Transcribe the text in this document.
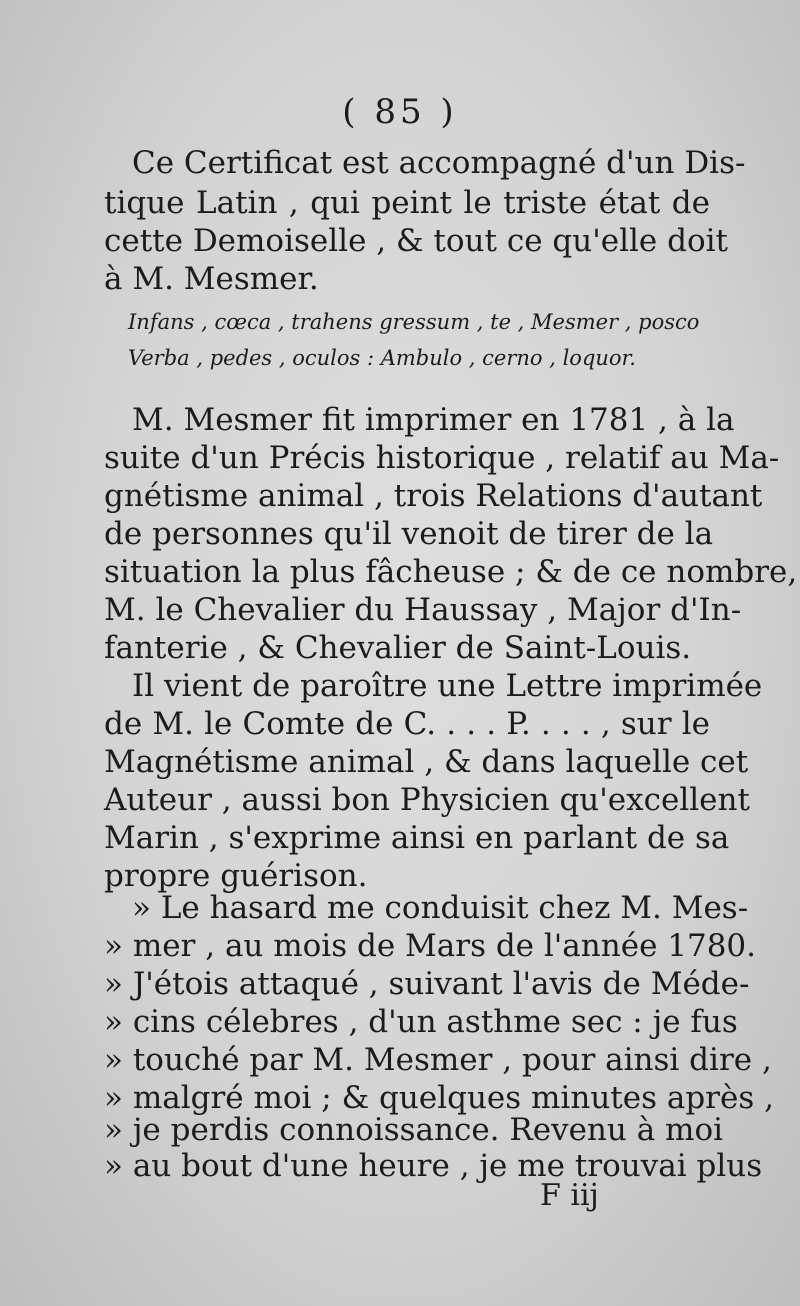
( 85 )
Ce Certificat est accompagné d'un Dis-
tique Latin , qui peint le triste état de
cette Demoiselle , & tout ce qu'elle doit
à M. Mesmer.
Infans , cœca , trahens gressum , te , Mesmer , posco
Verba , pedes , oculos : Ambulo , cerno , loquor.
M. Mesmer fit imprimer en 1781 , à la
suite d'un Précis historique , relatif au Ma-
gnétisme animal , trois Relations d'autant
de personnes qu'il venoit de tirer de la
situation la plus fâcheuse ; & de ce nombre,
M. le Chevalier du Haussay , Major d'In-
fanterie , & Chevalier de Saint-Louis.
Il vient de paroître une Lettre imprimée
de M. le Comte de C. . . . P. . . . , sur le
Magnétisme animal , & dans laquelle cet
Auteur , aussi bon Physicien qu'excellent
Marin , s'exprime ainsi en parlant de sa
propre guérison.
» Le hasard me conduisit chez M. Mes-
» mer , au mois de Mars de l'année 1780.
» J'étois attaqué , suivant l'avis de Méde-
» cins célebres , d'un asthme sec : je fus
» touché par M. Mesmer , pour ainsi dire ,
» malgré moi ; & quelques minutes après ,
» je perdis connoissance. Revenu à moi
» au bout d'une heure , je me trouvai plus
F iij
